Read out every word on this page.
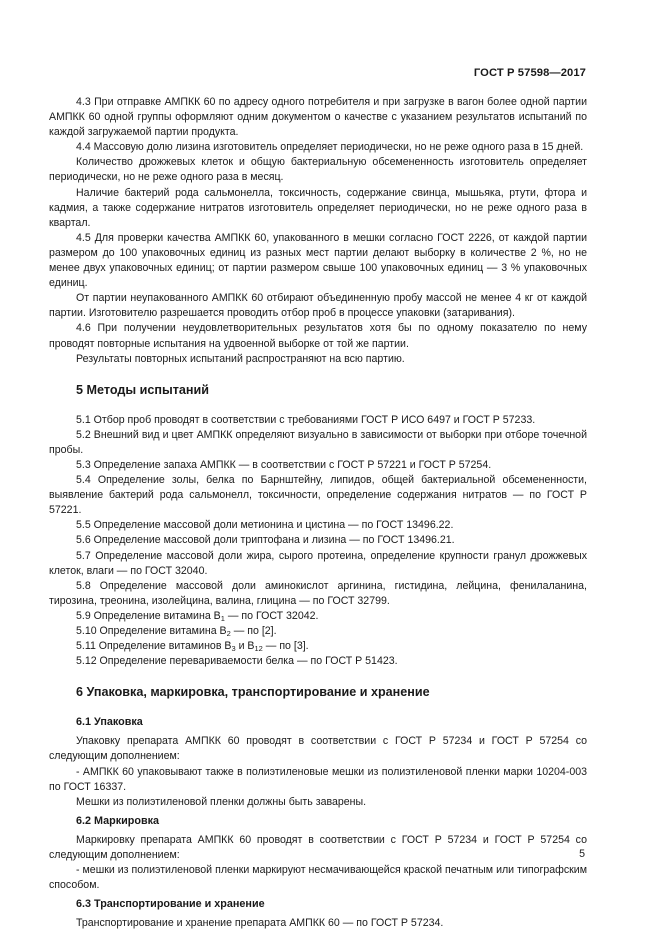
ГОСТ Р 57598—2017

4.3 При отправке АМПКК 60 по адресу одного потребителя и при загрузке в вагон более одной партии АМПКК 60 одной группы оформляют одним документом о качестве с указанием результатов испытаний по каждой загружаемой партии продукта.

4.4 Массовую долю лизина изготовитель определяет периодически, но не реже одного раза в 15 дней.

Количество дрожжевых клеток и общую бактериальную обсемененность изготовитель определяет периодически, но не реже одного раза в месяц.

Наличие бактерий рода сальмонелла, токсичность, содержание свинца, мышьяка, ртути, фтора и кадмия, а также содержание нитратов изготовитель определяет периодически, но не реже одного раза в квартал.

4.5 Для проверки качества АМПКК 60, упакованного в мешки согласно ГОСТ 2226, от каждой партии размером до 100 упаковочных единиц из разных мест партии делают выборку в количестве 2 %, но не менее двух упаковочных единиц; от партии размером свыше 100 упаковочных единиц — 3 % упаковочных единиц.

От партии неупакованного АМПКК 60 отбирают объединенную пробу массой не менее 4 кг от каждой партии. Изготовителю разрешается проводить отбор проб в процессе упаковки (затаривания).

4.6 При получении неудовлетворительных результатов хотя бы по одному показателю по нему проводят повторные испытания на удвоенной выборке от той же партии.

Результаты повторных испытаний распространяют на всю партию.

5 Методы испытаний

5.1 Отбор проб проводят в соответствии с требованиями ГОСТ Р ИСО 6497 и ГОСТ Р 57233.

5.2 Внешний вид и цвет АМПКК определяют визуально в зависимости от выборки при отборе точечной пробы.

5.3 Определение запаха АМПКК — в соответствии с ГОСТ Р 57221 и ГОСТ Р 57254.

5.4 Определение золы, белка по Барнштейну, липидов, общей бактериальной обсемененности, выявление бактерий рода сальмонелл, токсичности, определение содержания нитратов — по ГОСТ Р 57221.

5.5 Определение массовой доли метионина и цистина — по ГОСТ 13496.22.

5.6 Определение массовой доли триптофана и лизина — по ГОСТ 13496.21.

5.7 Определение массовой доли жира, сырого протеина, определение крупности гранул дрожжевых клеток, влаги — по ГОСТ 32040.

5.8 Определение массовой доли аминокислот аргинина, гистидина, лейцина, фенилаланина, тирозина, треонина, изолейцина, валина, глицина — по ГОСТ 32799.

5.9 Определение витамина $B_1$ — по ГОСТ 32042.

5.10 Определение витамина $B_2$ — по [2].

5.11 Определение витаминов $B_3$ и $B_{12}$ — по [3].

5.12 Определение перевариваемости белка — по ГОСТ Р 51423.

6 Упаковка, маркировка, транспортирование и хранение

6.1 Упаковка

Упаковку препарата АМПКК 60 проводят в соответствии с ГОСТ Р 57234 и ГОСТ Р 57254 со следующим дополнением:

- АМПКК 60 упаковывают также в полиэтиленовые мешки из полиэтиленовой пленки марки 10204-003 по ГОСТ 16337.

Мешки из полиэтиленовой пленки должны быть заварены.

6.2 Маркировка

Маркировку препарата АМПКК 60 проводят в соответствии с ГОСТ Р 57234 и ГОСТ Р 57254 со следующим дополнением:

- мешки из полиэтиленовой пленки маркируют несмачивающейся краской печатным или типографским способом.

6.3 Транспортирование и хранение

Транспортирование и хранение препарата АМПКК 60 — по ГОСТ Р 57234.

5
